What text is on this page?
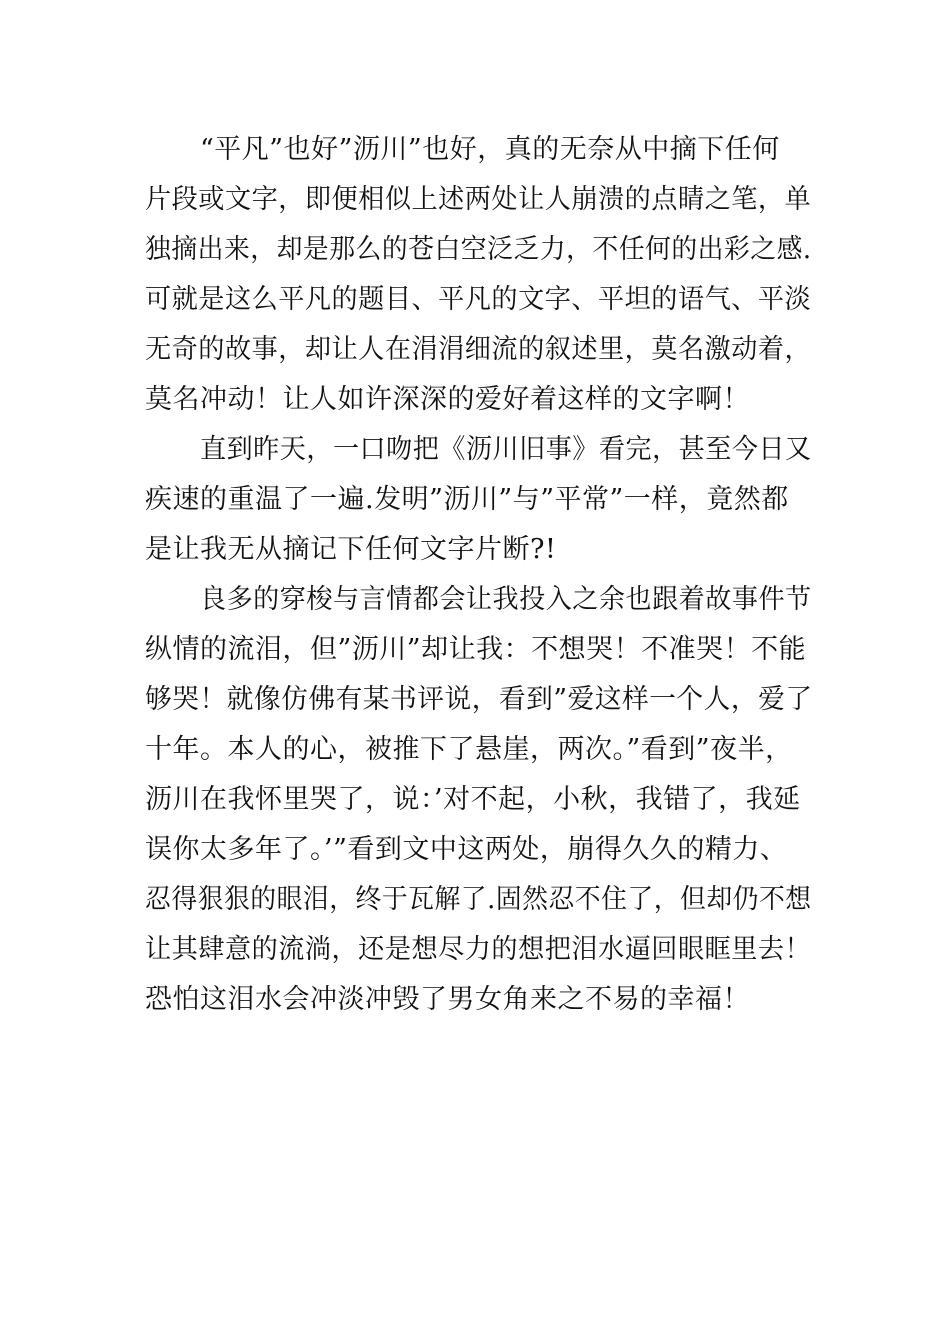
“平凡”也好”沥川”也好，真的无奈从中摘下任何
片段或文字，即便相似上述两处让人崩溃的点睛之笔，单
独摘出来，却是那么的苍白空泛乏力，不任何的出彩之感.
可就是这么平凡的题目、平凡的文字、平坦的语气、平淡
无奇的故事，却让人在涓涓细流的叙述里，莫名激动着，
莫名冲动！让人如许深深的爱好着这样的文字啊！
直到昨天，一口吻把《沥川旧事》看完，甚至今日又
疾速的重温了一遍.发明”沥川”与”平常”一样，竟然都
是让我无从摘记下任何文字片断?!
良多的穿梭与言情都会让我投入之余也跟着故事件节
纵情的流泪，但”沥川”却让我：不想哭！不准哭！不能
够哭！就像仿佛有某书评说，看到”爱这样一个人，爱了
十年。本人的心，被推下了悬崖，两次。”看到”夜半，
沥川在我怀里哭了，说：’对不起，小秋，我错了，我延
误你太多年了。’”看到文中这两处，崩得久久的精力、
忍得狠狠的眼泪，终于瓦解了.固然忍不住了，但却仍不想
让其肆意的流淌，还是想尽力的想把泪水逼回眼眶里去！
恐怕这泪水会冲淡冲毁了男女角来之不易的幸福！
